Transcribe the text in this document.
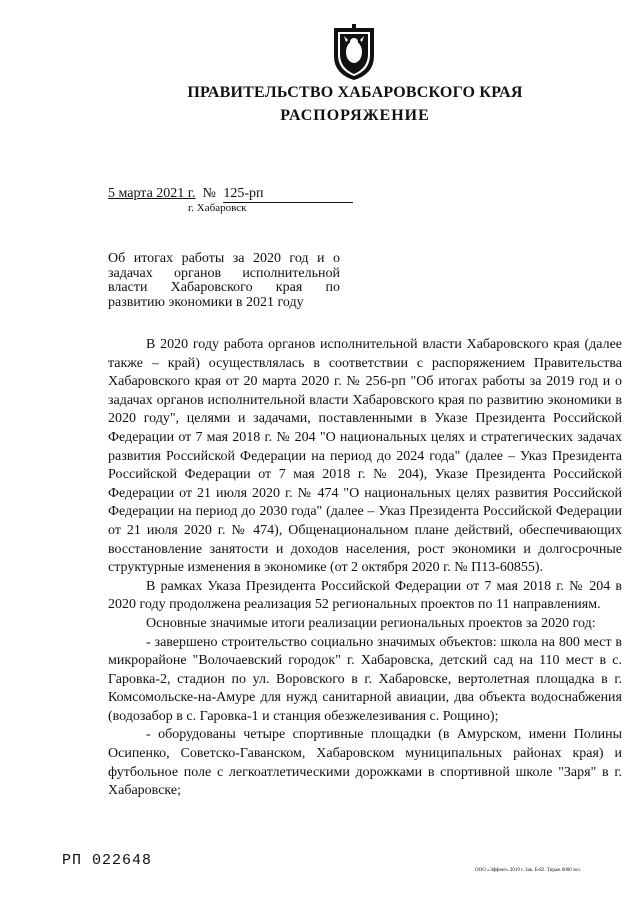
ПРАВИТЕЛЬСТВО ХАБАРОВСКОГО КРАЯ
РАСПОРЯЖЕНИЕ
5 марта 2021 г. № 125-рп
г. Хабаровск
Об итогах работы за 2020 год и о задачах органов исполнительной власти Хабаровского края по развитию экономики в 2021 году

В 2020 году работа органов исполнительной власти Хабаровского края (далее также – край) осуществлялась в соответствии с распоряжением Правительства Хабаровского края от 20 марта 2020 г. № 256-рп "Об итогах работы за 2019 год и о задачах органов исполнительной власти Хабаровского края по развитию экономики в 2020 году", целями и задачами, поставленными в Указе Президента Российской Федерации от 7 мая 2018 г. № 204 "О национальных целях и стратегических задачах развития Российской Федерации на период до 2024 года" (далее – Указ Президента Российской Федерации от 7 мая 2018 г. № 204), Указе Президента Российской Федерации от 21 июля 2020 г. № 474 "О национальных целях развития Российской Федерации на период до 2030 года" (далее – Указ Президента Российской Федерации от 21 июля 2020 г. № 474), Общенациональном плане действий, обеспечивающих восстановление занятости и доходов населения, рост экономики и долгосрочные структурные изменения в экономике (от 2 октября 2020 г. № П13-60855).

В рамках Указа Президента Российской Федерации от 7 мая 2018 г. № 204 в 2020 году продолжена реализация 52 региональных проектов по 11 направлениям.

Основные значимые итоги реализации региональных проектов за 2020 год:

- завершено строительство социально значимых объектов: школа на 800 мест в микрорайоне "Волочаевский городок" г. Хабаровска, детский сад на 110 мест в с. Гаровка-2, стадион по ул. Воровского в г. Хабаровске, вертолетная площадка в г. Комсомольске-на-Амуре для нужд санитарной авиации, два объекта водоснабжения (водозабор в с. Гаровка-1 и станция обезжелезивания с. Рощино);

- оборудованы четыре спортивные площадки (в Амурском, имени Полины Осипенко, Советско-Гаванском, Хабаровском муниципальных районах края) и футбольное поле с легкоатлетическими дорожками в спортивной школе "Заря" в г. Хабаровске;

РП 022648
ООО «Эффект» 2019 г. Зак. Б-82. Тираж 6000 экз.
